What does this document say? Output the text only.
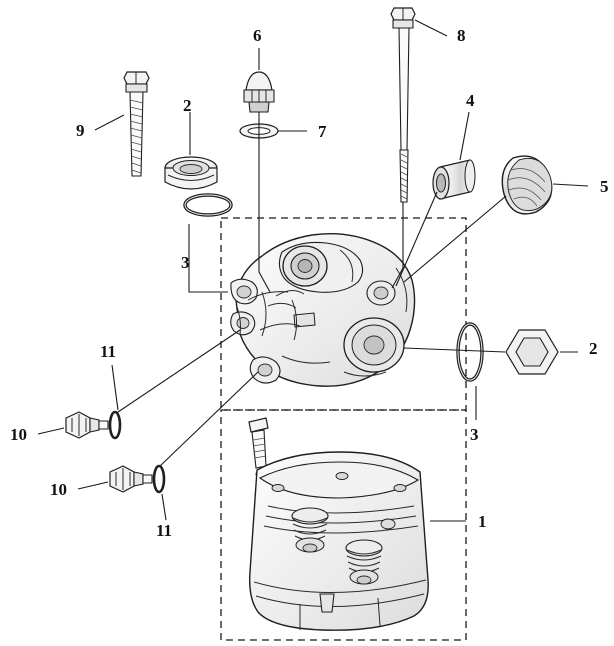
1
2
2
3
3
4
5
6
7
8
9
10
10
11
11
